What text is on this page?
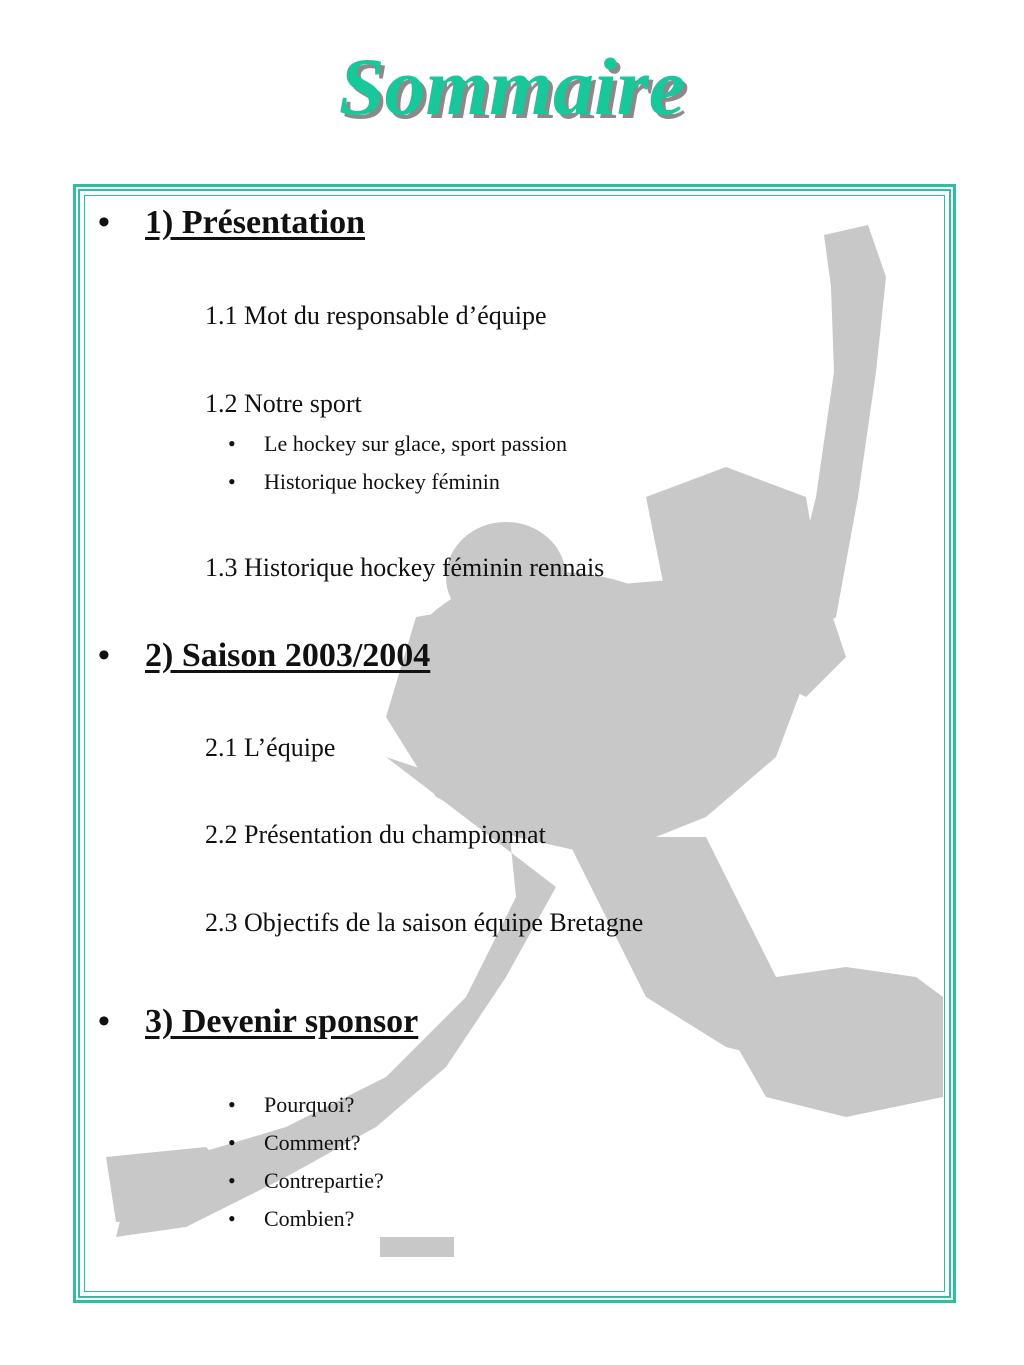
Sommaire
• 1) Présentation
1.1 Mot du responsable d’équipe
1.2 Notre sport
• Le hockey sur glace, sport passion
• Historique hockey féminin
1.3 Historique hockey féminin rennais
• 2) Saison 2003/2004
2.1 L’équipe
2.2 Présentation du championnat
2.3 Objectifs de la saison équipe Bretagne
• 3) Devenir sponsor
• Pourquoi?
• Comment?
• Contrepartie?
• Combien?
